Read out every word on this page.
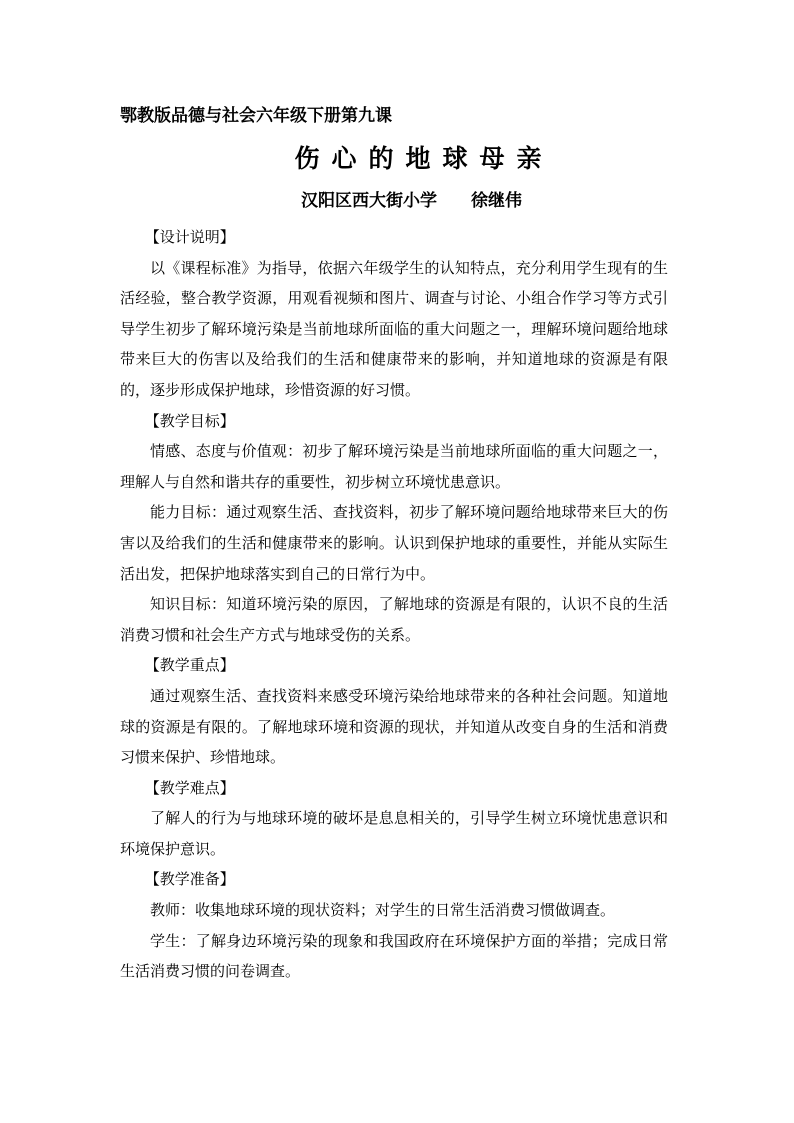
鄂教版品德与社会六年级下册第九课
伤心的地球母亲
汉阳区西大街小学 徐继伟

【设计说明】

以《课程标准》为指导，依据六年级学生的认知特点，充分利用学生现有的生活经验，整合教学资源，用观看视频和图片、调查与讨论、小组合作学习等方式引导学生初步了解环境污染是当前地球所面临的重大问题之一，理解环境问题给地球带来巨大的伤害以及给我们的生活和健康带来的影响，并知道地球的资源是有限的，逐步形成保护地球，珍惜资源的好习惯。

【教学目标】

情感、态度与价值观：初步了解环境污染是当前地球所面临的重大问题之一，理解人与自然和谐共存的重要性，初步树立环境忧患意识。

能力目标：通过观察生活、查找资料，初步了解环境问题给地球带来巨大的伤害以及给我们的生活和健康带来的影响。认识到保护地球的重要性，并能从实际生活出发，把保护地球落实到自己的日常行为中。

知识目标：知道环境污染的原因，了解地球的资源是有限的，认识不良的生活消费习惯和社会生产方式与地球受伤的关系。

【教学重点】

通过观察生活、查找资料来感受环境污染给地球带来的各种社会问题。知道地球的资源是有限的。了解地球环境和资源的现状，并知道从改变自身的生活和消费习惯来保护、珍惜地球。

【教学难点】

了解人的行为与地球环境的破坏是息息相关的，引导学生树立环境忧患意识和环境保护意识。

【教学准备】

教师：收集地球环境的现状资料；对学生的日常生活消费习惯做调查。

学生：了解身边环境污染的现象和我国政府在环境保护方面的举措；完成日常生活消费习惯的问卷调查。
